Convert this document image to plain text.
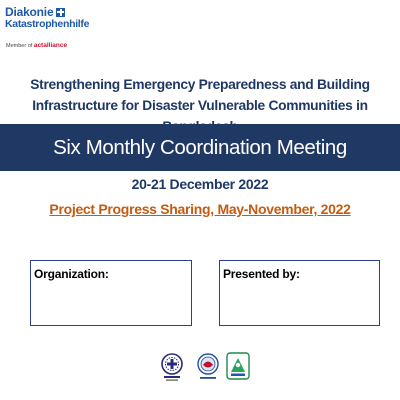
Diakonie
Katastrophenhilfe
Member of actalliance
Strengthening Emergency Preparedness and Building Infrastructure for Disaster Vulnerable Communities in
Six Monthly Coordination Meeting
20-21 December 2022
Project Progress Sharing, May-November, 2022
Organization:	Presented by:
